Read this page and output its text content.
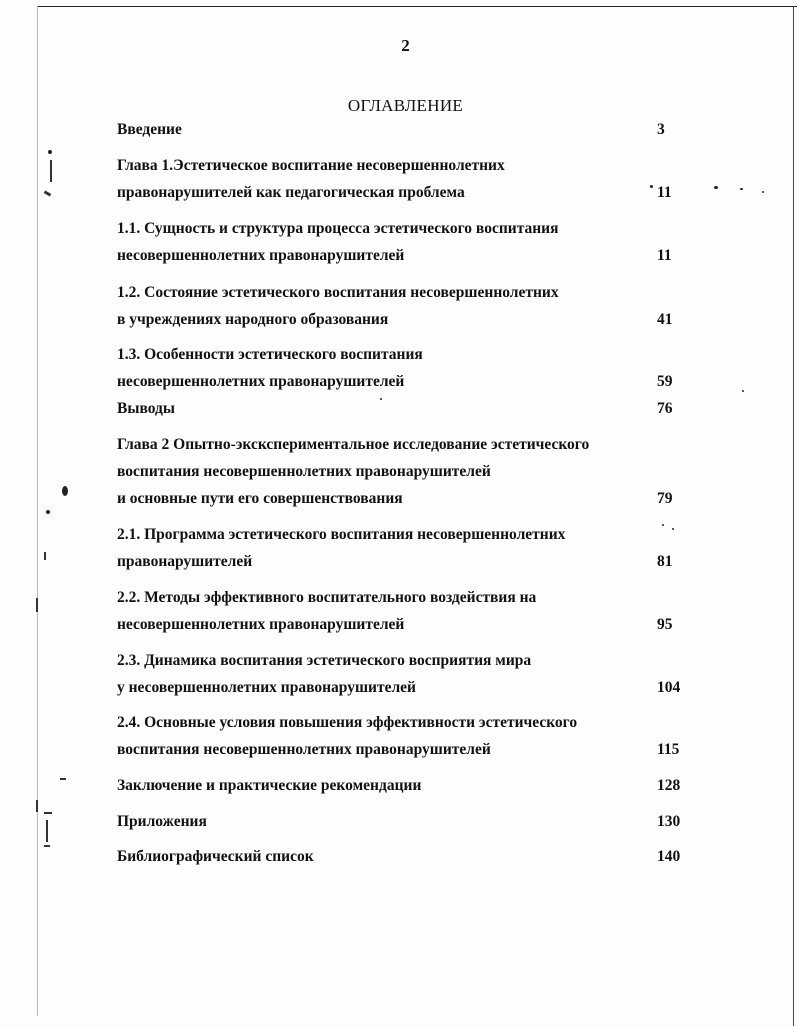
2
ОГЛАВЛЕНИЕ
Введение	3
Глава 1.Эстетическое воспитание несовершеннолетних
правонарушителей как педагогическая проблема	11
1.1. Сущность и структура процесса эстетического воспитания
несовершеннолетних правонарушителей	11
1.2. Состояние эстетического воспитания несовершеннолетних
в учреждениях народного образования	41
1.3. Особенности эстетического воспитания
несовершеннолетних правонарушителей	59
Выводы	76
Глава 2 Опытно-экскспериментальное исследование эстетического
воспитания несовершеннолетних правонарушителей
и основные пути его совершенствования	79
2.1. Программа эстетического воспитания несовершеннолетних
правонарушителей	81
2.2. Методы эффективного воспитательного воздействия на
несовершеннолетних правонарушителей	95
2.3. Динамика воспитания эстетического восприятия мира
у несовершеннолетних правонарушителей	104
2.4. Основные условия повышения эффективности эстетического
воспитания несовершеннолетних правонарушителей	115
Заключение и практические рекомендации	128
Приложения	130
Библиографический список	140
